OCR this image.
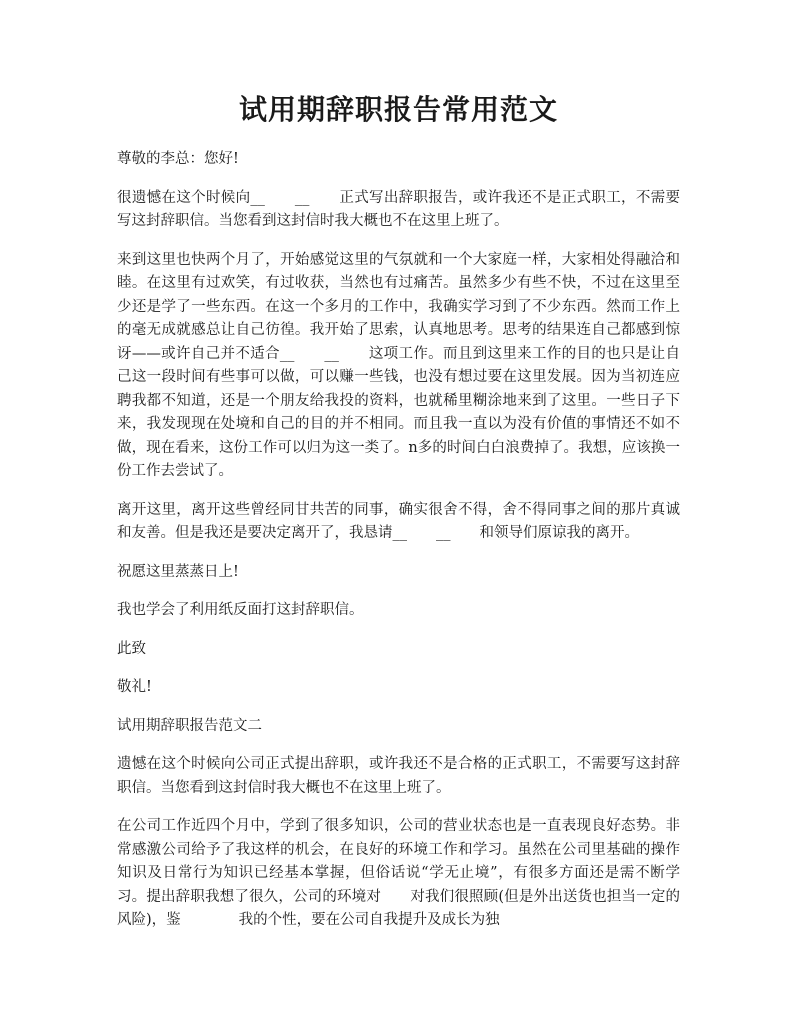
试用期辞职报告常用范文

尊敬的李总：您好!

很遗憾在这个时候向__　　__　　正式写出辞职报告，或许我还不是正式职工，不需要写这封辞职信。当您看到这封信时我大概也不在这里上班了。

来到这里也快两个月了，开始感觉这里的气氛就和一个大家庭一样，大家相处得融洽和睦。在这里有过欢笑，有过收获，当然也有过痛苦。虽然多少有些不快，不过在这里至少还是学了一些东西。在这一个多月的工作中，我确实学习到了不少东西。然而工作上的毫无成就感总让自己彷徨。我开始了思索，认真地思考。思考的结果连自己都感到惊讶——或许自己并不适合__　　__　　这项工作。而且到这里来工作的目的也只是让自己这一段时间有些事可以做，可以赚一些钱，也没有想过要在这里发展。因为当初连应聘我都不知道，还是一个朋友给我投的资料，也就稀里糊涂地来到了这里。一些日子下来，我发现现在处境和自己的目的并不相同。而且我一直以为没有价值的事情还不如不做，现在看来，这份工作可以归为这一类了。n多的时间白白浪费掉了。我想，应该换一份工作去尝试了。

离开这里，离开这些曾经同甘共苦的同事，确实很舍不得，舍不得同事之间的那片真诚和友善。但是我还是要决定离开了，我恳请__　　__　　和领导们原谅我的离开。

祝愿这里蒸蒸日上!

我也学会了利用纸反面打这封辞职信。

此致

敬礼!

试用期辞职报告范文二

遗憾在这个时候向公司正式提出辞职，或许我还不是合格的正式职工，不需要写这封辞职信。当您看到这封信时我大概也不在这里上班了。

在公司工作近四个月中，学到了很多知识，公司的营业状态也是一直表现良好态势。非常感激公司给予了我这样的机会，在良好的环境工作和学习。虽然在公司里基础的操作知识及日常行为知识已经基本掌握，但俗话说“学无止境”，有很多方面还是需不断学习。提出辞职我想了很久，公司的环境对　　对我们很照顾(但是外出送货也担当一定的风险)，鉴　　　　我的个性，要在公司自我提升及成长为独
